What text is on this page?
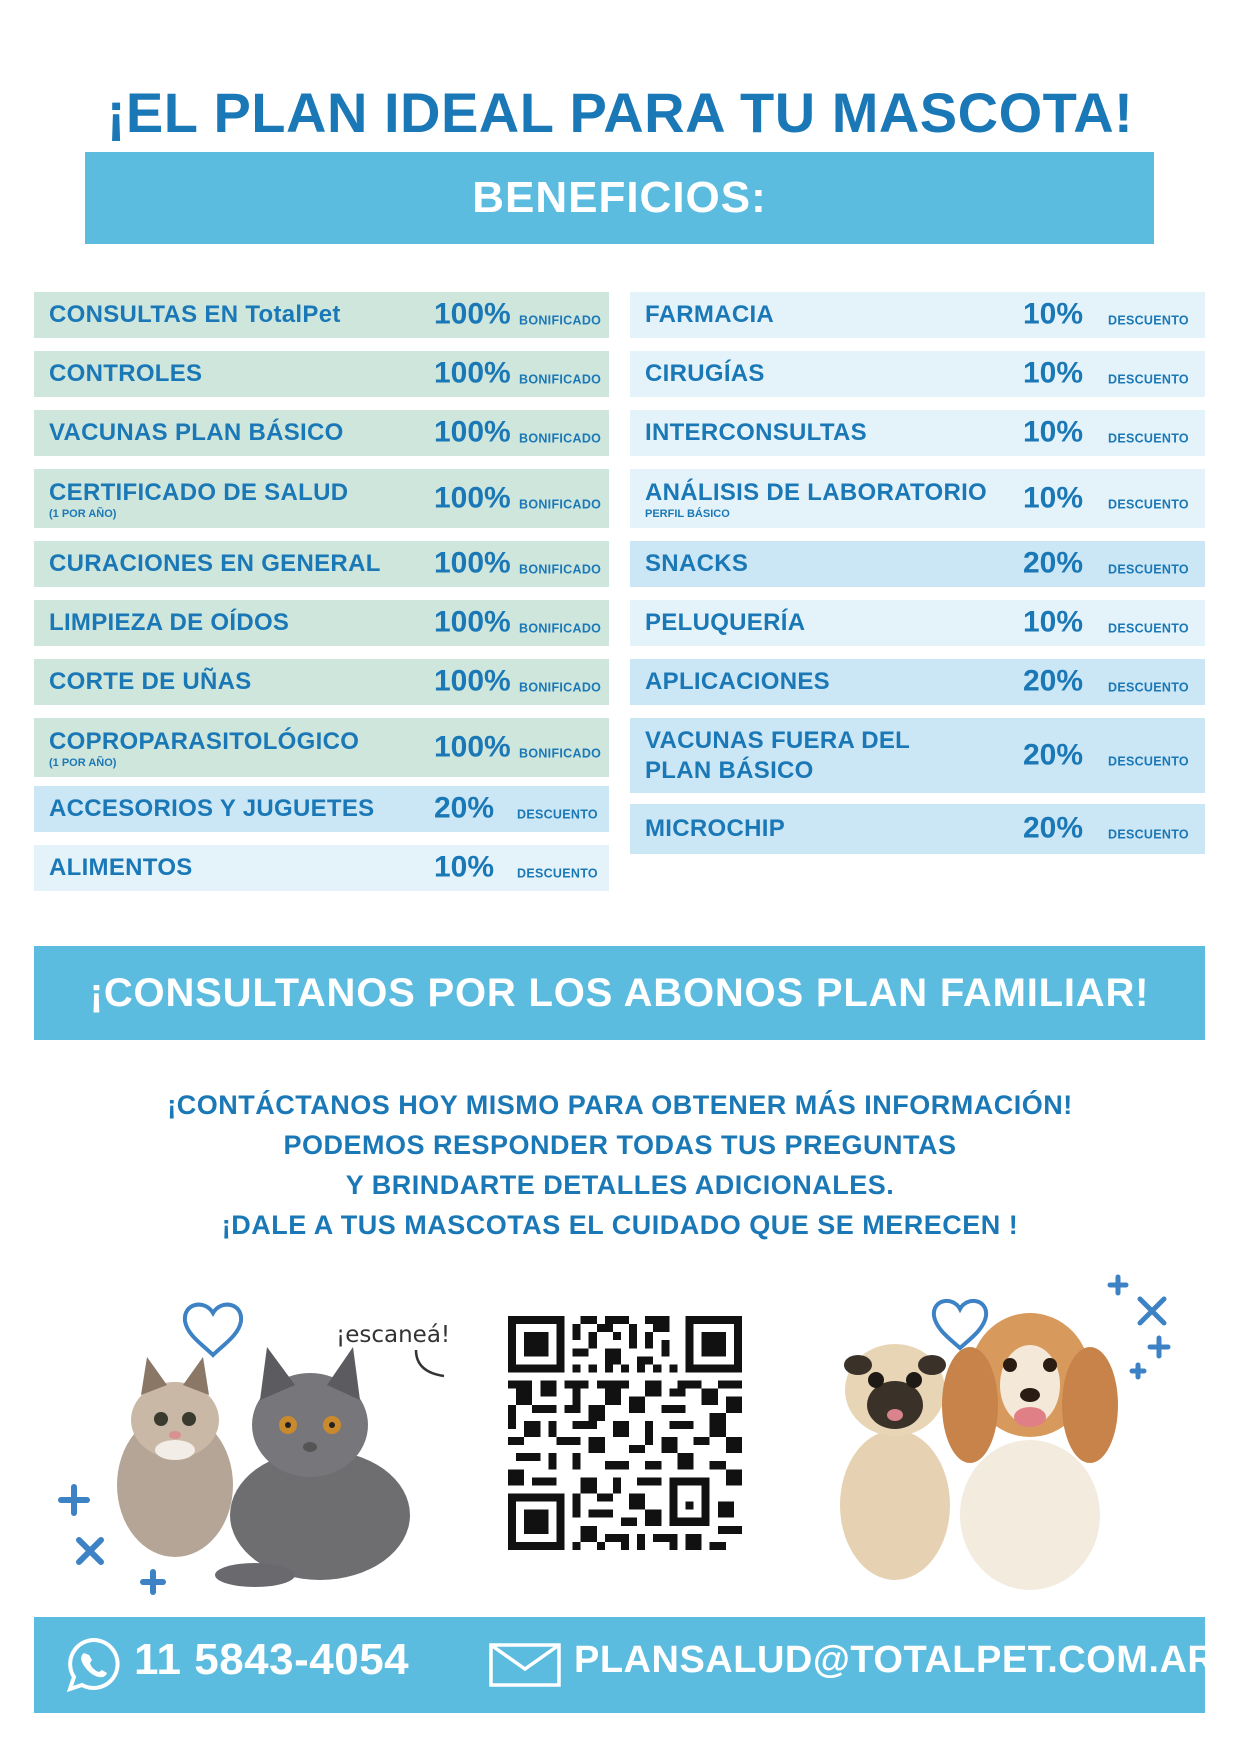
¡EL PLAN IDEAL PARA TU MASCOTA!
BENEFICIOS:
CONSULTAS EN TotalPet	100% BONIFICADO
CONTROLES	100% BONIFICADO
VACUNAS PLAN BÁSICO	100% BONIFICADO
CERTIFICADO DE SALUD
(1 POR AÑO)	100% BONIFICADO
CURACIONES EN GENERAL	100% BONIFICADO
LIMPIEZA DE OÍDOS	100% BONIFICADO
CORTE DE UÑAS	100% BONIFICADO
COPROPARASITOLÓGICO
(1 POR AÑO)	100% BONIFICADO
ACCESORIOS Y JUGUETES	20% DESCUENTO
ALIMENTOS	10% DESCUENTO
FARMACIA	10% DESCUENTO
CIRUGÍAS	10% DESCUENTO
INTERCONSULTAS	10% DESCUENTO
ANÁLISIS DE LABORATORIO
PERFIL BÁSICO	10% DESCUENTO
SNACKS	20% DESCUENTO
PELUQUERÍA	10% DESCUENTO
APLICACIONES	20% DESCUENTO
VACUNAS FUERA DEL
PLAN BÁSICO	20% DESCUENTO
MICROCHIP	20% DESCUENTO
¡CONSULTANOS POR LOS ABONOS PLAN FAMILIAR!
¡CONTÁCTANOS HOY MISMO PARA OBTENER MÁS INFORMACIÓN!
PODEMOS RESPONDER TODAS TUS PREGUNTAS
Y BRINDARTE DETALLES ADICIONALES.
¡DALE A TUS MASCOTAS EL CUIDADO QUE SE MERECEN !
¡escaneá!
11 5843-4054	PLANSALUD@TOTALPET.COM.AR
